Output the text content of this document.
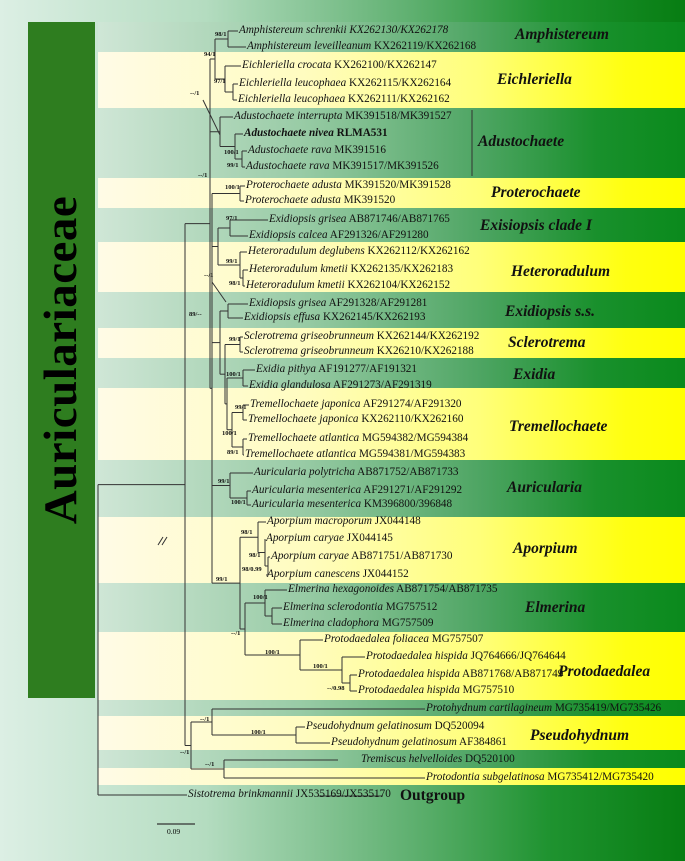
Auriculariaceae
Amphistereum schrenkii KX262130/KX262178
Amphistereum leveilleanum KX262119/KX262168
Eichleriella crocata KX262100/KX262147
Eichleriella leucophaea KX262115/KX262164
Eichleriella leucophaea KX262111/KX262162
Adustochaete interrupta MK391518/MK391527
Adustochaete nivea RLMA531
Adustochaete rava MK391516
Adustochaete rava MK391517/MK391526
Proterochaete adusta MK391520/MK391528
Proterochaete adusta MK391520
Exidiopsis grisea AB871746/AB871765
Exidiopsis calcea AF291326/AF291280
Heteroradulum deglubens KX262112/KX262162
Heteroradulum kmetii KX262135/KX262183
Heteroradulum kmetii KX262104/KX262152
Exidiopsis grisea AF291328/AF291281
Exidiopsis effusa KX262145/KX262193
Sclerotrema griseobrunneum KX262144/KX262192
Sclerotrema griseobrunneum KX26210/KX262188
Exidia pithya AF191277/AF191321
Exidia glandulosa AF291273/AF291319
Tremellochaete japonica AF291274/AF291320
Tremellochaete japonica KX262110/KX262160
Tremellochaete atlantica MG594382/MG594384
Tremellochaete atlantica MG594381/MG594383
Auricularia polytricha AB871752/AB871733
Auricularia mesenterica AF291271/AF291292
Auricularia mesenterica KM396800/396848
Aporpium macroporum JX044148
Aporpium caryae JX044145
Aporpium caryae AB871751/AB871730
Aporpium canescens JX044152
Elmerina hexagonoides AB871754/AB871735
Elmerina sclerodontia MG757512
Elmerina cladophora MG757509
Protodaedalea foliacea MG757507
Protodaedalea hispida JQ764666/JQ764644
Protodaedalea hispida AB871768/AB871749
Protodaedalea hispida MG757510
Protohydnum cartilagineum MG735419/MG735426
Pseudohydnum gelatinosum DQ520094
Pseudohydnum gelatinosum AF384861
Tremiscus helvelloides DQ520100
Protodontia subgelatinosa MG735412/MG735420
Sistotrema brinkmannii JX535169/JX535170
98/1
94/1
97/1
--/1
--/1
100/1
99/1
100/1
97/1
99/1
98/1
--/1
89/--
99/1
100/1
99/1
100/1
89/1
99/1
100/1
98/1
98/1
98/0.99
99/1
100/1
--/1
100/1
100/1
--/0.98
--/1
100/1
--/1
--/1
Amphistereum
Eichleriella
Adustochaete
Proterochaete
Exisiopsis clade I
Heteroradulum
Exidiopsis s.s.
Sclerotrema
Exidia
Tremellochaete
Auricularia
Aporpium
Elmerina
Protodaedalea
Pseudohydnum
Outgroup
0.09
